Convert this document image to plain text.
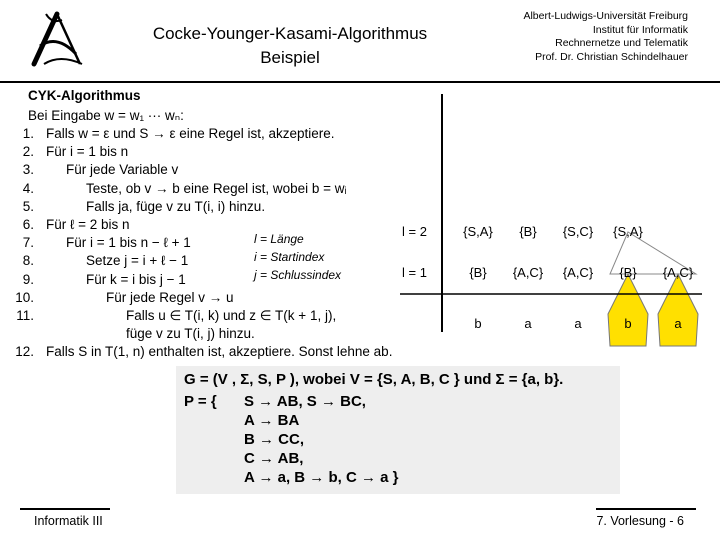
Cocke-Younger-Kasami-Algorithmus
Beispiel
Albert-Ludwigs-Universität Freiburg
Institut für Informatik
Rechnernetze und Telematik
Prof. Dr. Christian Schindelhauer
CYK-Algorithmus
Bei Eingabe w = w₁ ··· wₙ:
1. Falls w = ε und S → ε eine Regel ist, akzeptiere.
2. Für i = 1 bis n
3. Für jede Variable v
4.	Teste, ob v → b eine Regel ist, wobei b = wᵢ
5.	Falls ja, füge v zu T(i, i) hinzu.
6. Für ℓ = 2 bis n
7. Für i = 1 bis n − ℓ + 1
8.	Setze j = i + ℓ − 1
9.	Für k = i bis j − 1
10.	Für jede Regel v → u
11.	Falls u ∈ T(i, k) und z ∈ T(k + 1, j),
füge v zu T(i, j) hinzu.
12. Falls S in T(1, n) enthalten ist, akzeptiere. Sonst lehne ab.
l = Länge
i = Startindex
j = Schlussindex
l = 2
l = 1
{S,A}	{B}	{S,C}	{S,A}
{B}	{A,C}	{A,C}	{B}	{A,C}
b	a	a	b	a
G = (V , Σ, S, P ), wobei V = {S, A, B, C } und Σ = {a, b}.
P = { S → AB, S → BC,
A → BA
B → CC,
C → AB,
A → a, B → b, C → a }
Informatik III	7. Vorlesung - 6
